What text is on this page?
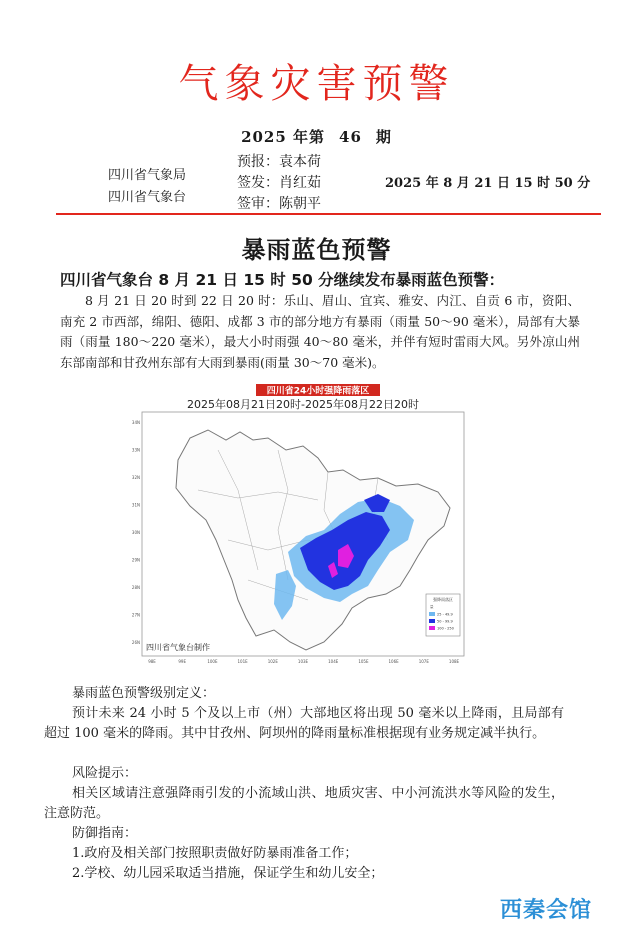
气象灾害预警
2025 年第 46 期
四川省气象局
四川省气象台
预报：袁本荷
签发：肖红茹
签审：陈朝平
2025 年 8 月 21 日 15 时 50 分
暴雨蓝色预警
四川省气象台 8 月 21 日 15 时 50 分继续发布暴雨蓝色预警：
8 月 21 日 20 时到 22 日 20 时：乐山、眉山、宜宾、雅安、内江、自贡 6 市，资阳、南充 2 市西部，绵阳、德阳、成都 3 市的部分地方有暴雨（雨量 50～90 毫米），局部有大暴雨（雨量 180～220 毫米），最大小时雨强 40～80 毫米，并伴有短时雷雨大风。另外凉山州东部南部和甘孜州东部有大雨到暴雨(雨量 30～70 毫米)。
四川省24小时强降雨落区
2025年08月21日20时-2025年08月22日20时
34N
33N
32N
31N
30N
29N
28N
27N
26N
98E	99E	100E	101E	102E	103E	104E	105E	106E	107E	108E
强降雨落区
量
25 - 49.9
50 - 99.9
100 - 250
四川省气象台制作
暴雨蓝色预警级别定义：
预计未来 24 小时 5 个及以上市（州）大部地区将出现 50 毫米以上降雨，且局部有超过 100 毫米的降雨。其中甘孜州、阿坝州的降雨量标准根据现有业务规定减半执行。
风险提示：
相关区域请注意强降雨引发的小流域山洪、地质灾害、中小河流洪水等风险的发生，注意防范。
防御指南：
1.政府及相关部门按照职责做好防暴雨准备工作；
2.学校、幼儿园采取适当措施，保证学生和幼儿安全；
西秦会馆
